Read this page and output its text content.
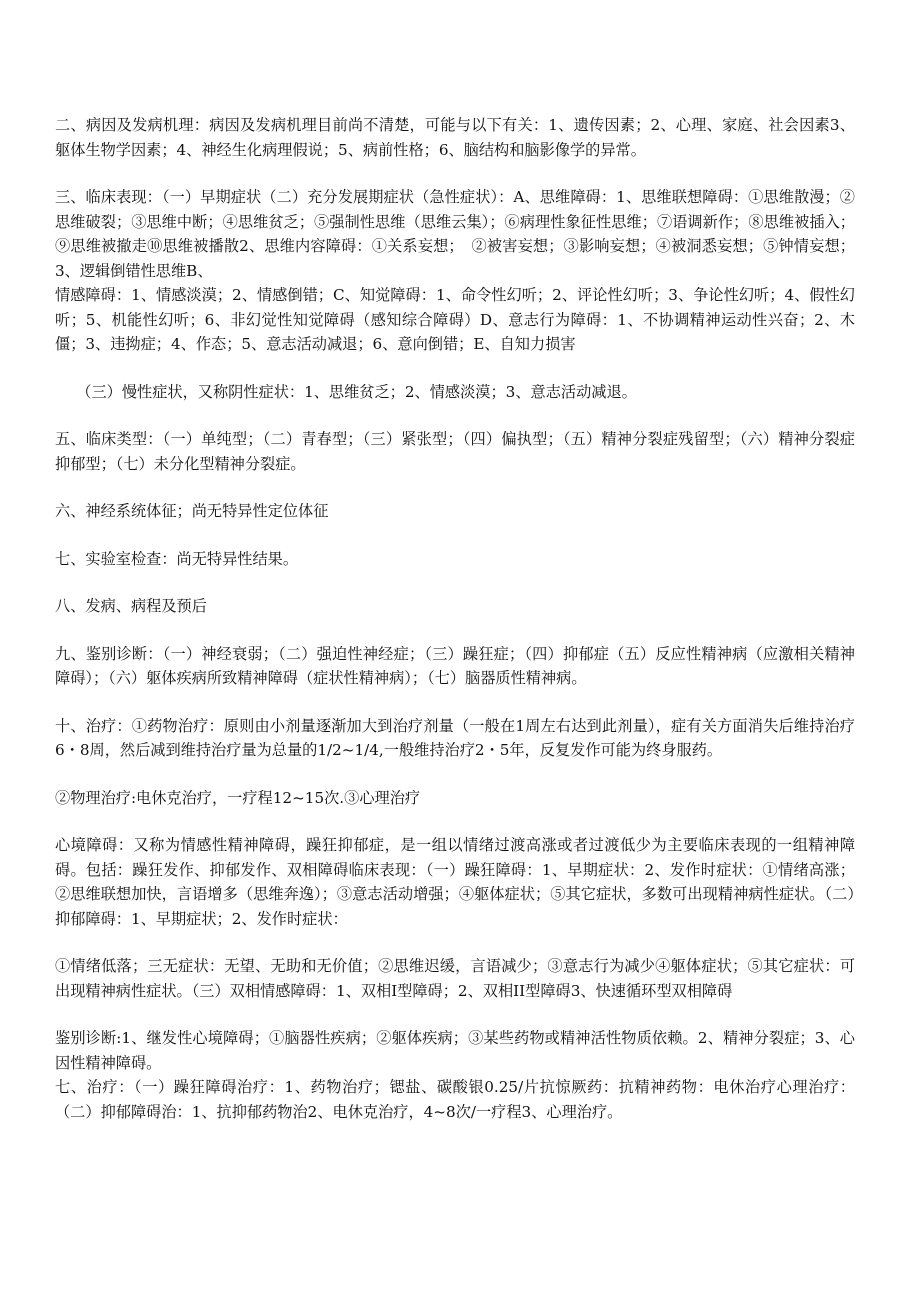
二、病因及发病机理：病因及发病机理目前尚不清楚，可能与以下有关：1、遗传因素；2、心理、家庭、社会因素3、躯体生物学因素；4、神经生化病理假说；5、病前性格；6、脑结构和脑影像学的异常。

三、临床表现：（一）早期症状（二）充分发展期症状（急性症状）：A、思维障碍：1、思维联想障碍：①思维散漫；②思维破裂；③思维中断；④思维贫乏；⑤强制性思维（思维云集）；⑥病理性象征性思维；⑦语调新作；⑧思维被插入；⑨思维被撤走⑩思维被播散2、思维内容障碍：①关系妄想；　②被害妄想；③影响妄想；④被洞悉妄想；⑤钟情妄想；3、逻辑倒错性思维B、

情感障碍：1、情感淡漠；2、情感倒错；C、知觉障碍：1、命令性幻听；2、评论性幻听；3、争论性幻听；4、假性幻听；5、机能性幻听；6、非幻觉性知觉障碍（感知综合障碍）D、意志行为障碍：1、不协调精神运动性兴奋；2、木僵；3、违拗症；4、作态；5、意志活动减退；6、意向倒错；E、自知力损害

（三）慢性症状，又称阴性症状：1、思维贫乏；2、情感淡漠；3、意志活动减退。

五、临床类型：（一）单纯型；（二）青春型；（三）紧张型；（四）偏执型；（五）精神分裂症残留型；（六）精神分裂症抑郁型；（七）未分化型精神分裂症。

六、神经系统体征；尚无特异性定位体征

七、实验室检查：尚无特异性结果。

八、发病、病程及预后

九、鉴别诊断：（一）神经衰弱；（二）强迫性神经症；（三）躁狂症；（四）抑郁症（五）反应性精神病（应激相关精神障碍）；（六）躯体疾病所致精神障碍（症状性精神病）；（七）脑器质性精神病。

十、治疗：①药物治疗：原则由小剂量逐渐加大到治疗剂量（一般在1周左右达到此剂量），症有关方面消失后维持治疗6・8周，然后减到维持治疗量为总量的1/2~1/4,一般维持治疗2・5年，反复发作可能为终身服药。

②物理治疗:电休克治疗，一疗程12~15次.③心理治疗

心境障碍：又称为情感性精神障碍，躁狂抑郁症，是一组以情绪过渡高涨或者过渡低少为主要临床表现的一组精神障碍。包括：躁狂发作、抑郁发作、双相障碍临床表现：（一）躁狂障碍：1、早期症状：2、发作时症状：①情绪高涨；②思维联想加快，言语增多（思维奔逸）；③意志活动增强；④躯体症状；⑤其它症状，多数可出现精神病性症状。（二）抑郁障碍：1、早期症状；2、发作时症状：

①情绪低落；三无症状：无望、无助和无价值；②思维迟缓，言语减少；③意志行为减少④躯体症状；⑤其它症状：可出现精神病性症状。（三）双相情感障碍：1、双相I型障碍；2、双相II型障碍3、快速循环型双相障碍

鉴别诊断:1、继发性心境障碍；①脑器性疾病；②躯体疾病；③某些药物或精神活性物质依赖。2、精神分裂症；3、心因性精神障碍。

七、治疗：（一）躁狂障碍治疗：1、药物治疗；锶盐、碳酸银0.25/片抗惊厥药：抗精神药物：电休治疗心理治疗：（二）抑郁障碍治：1、抗抑郁药物治2、电休克治疗，4~8次/一疗程3、心理治疗。
